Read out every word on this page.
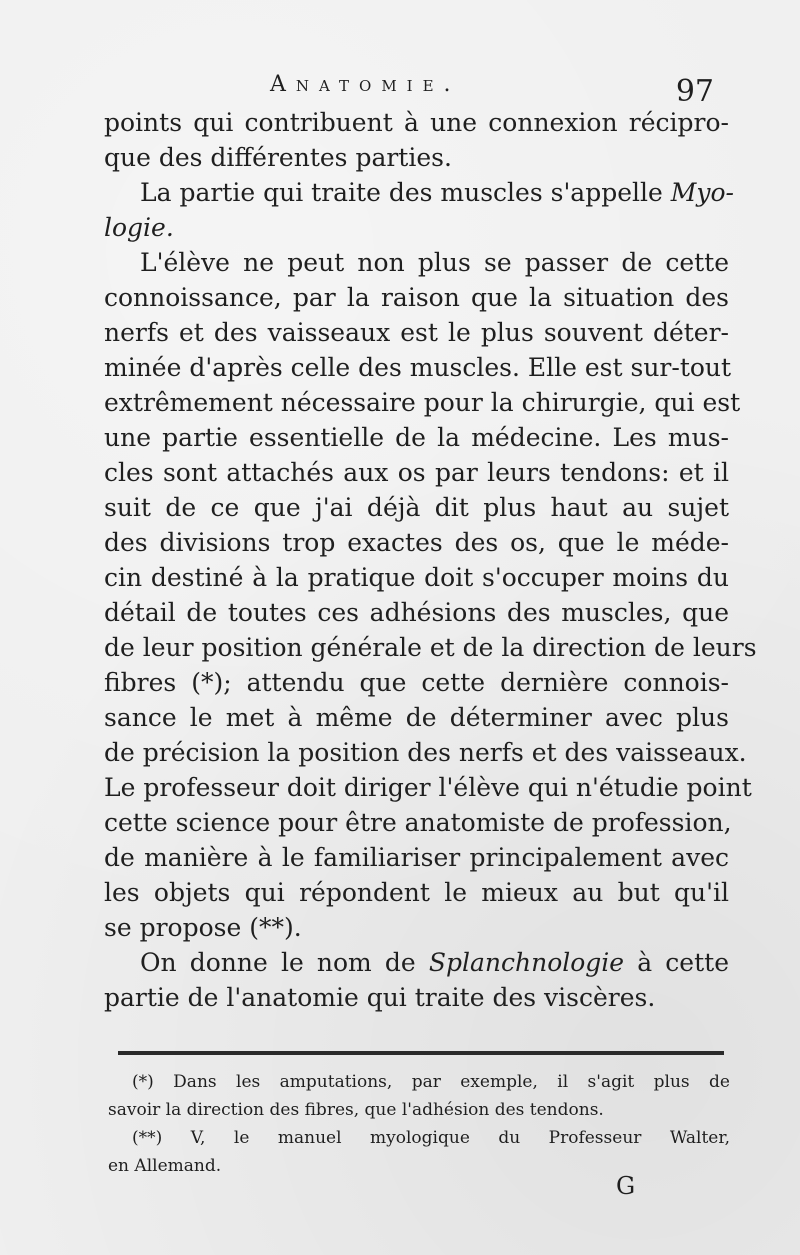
Anatomie.	97
points qui contribuent à une connexion récipro-
que des différentes parties.
La partie qui traite des muscles s'appelle Myo-
logie.
L'élève ne peut non plus se passer de cette
connoissance, par la raison que la situation des
nerfs et des vaisseaux est le plus souvent déter-
minée d'après celle des muscles. Elle est sur-tout
extrêmement nécessaire pour la chirurgie, qui est
une partie essentielle de la médecine. Les mus-
cles sont attachés aux os par leurs tendons: et il
suit de ce que j'ai déjà dit plus haut au sujet
des divisions trop exactes des os, que le méde-
cin destiné à la pratique doit s'occuper moins du
détail de toutes ces adhésions des muscles, que
de leur position générale et de la direction de leurs
fibres (*); attendu que cette dernière connois-
sance le met à même de déterminer avec plus
de précision la position des nerfs et des vaisseaux.
Le professeur doit diriger l'élève qui n'étudie point
cette science pour être anatomiste de profession,
de manière à le familiariser principalement avec
les objets qui répondent le mieux au but qu'il
se propose (**).
On donne le nom de Splanchnologie à cette
partie de l'anatomie qui traite des viscères.
(*) Dans les amputations, par exemple, il s'agit plus de
savoir la direction des fibres, que l'adhésion des tendons.
(**) V, le manuel myologique du Professeur Walter,
en Allemand.
G
